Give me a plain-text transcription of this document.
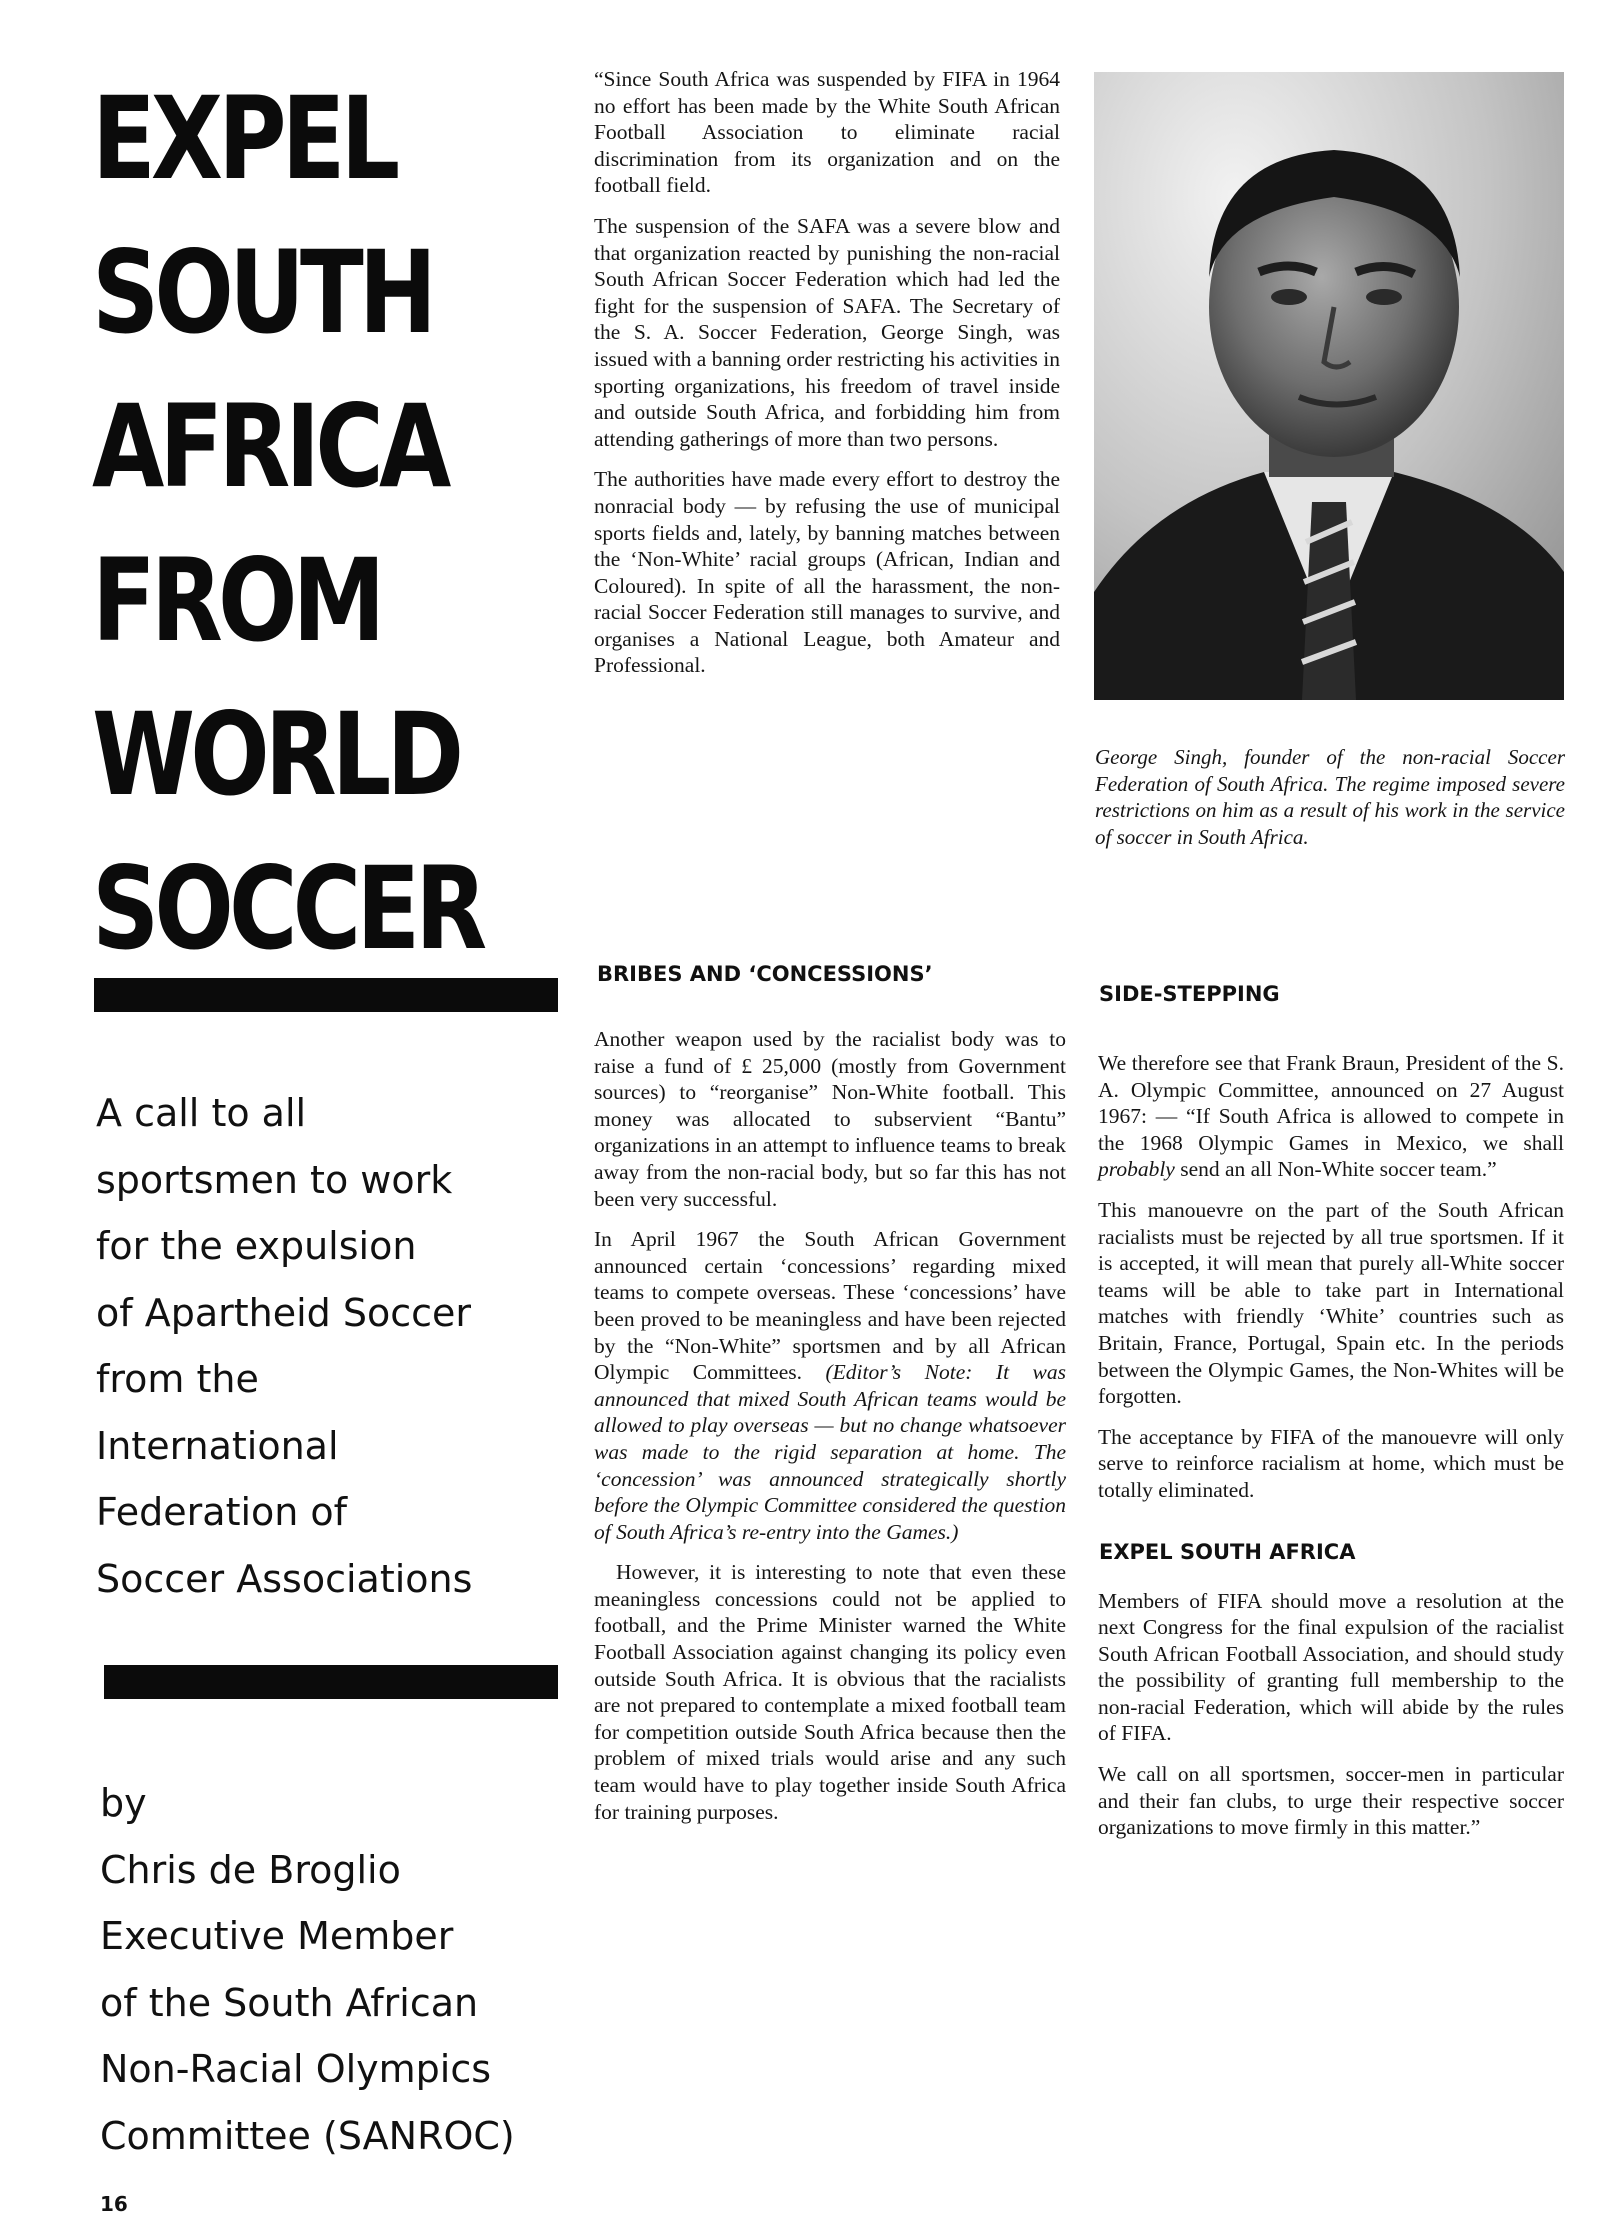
EXPEL
SOUTH
AFRICA
FROM
WORLD
SOCCER
A call to all
sportsmen to work
for the expulsion
of Apartheid Soccer
from the
International
Federation of
Soccer Associations
by
Chris de Broglio
Executive Member
of the South African
Non-Racial Olympics
Committee (SANROC)
16

“Since South Africa was suspended by FIFA in 1964 no effort has been made by the White South African Football Association to eliminate racial discrimination from its organization and on the football field.

The suspension of the SAFA was a severe blow and that organization reacted by punishing the non-racial South African Soccer Federation which had led the fight for the suspension of SAFA. The Secretary of the S. A. Soccer Federation, George Singh, was issued with a banning order restricting his activities in sporting organizations, his freedom of travel inside and outside South Africa, and forbidding him from attending gatherings of more than two persons.

The authorities have made every effort to destroy the nonracial body — by refusing the use of municipal sports fields and, lately, by banning matches between the ‘Non-White’ racial groups (African, Indian and Coloured). In spite of all the harassment, the non-racial Soccer Federation still manages to survive, and organises a National League, both Amateur and Professional.

George Singh, founder of the non-racial Soccer Federation of South Africa. The regime imposed severe restrictions on him as a result of his work in the service of soccer in South Africa.
BRIBES AND ‘CONCESSIONS’

Another weapon used by the racialist body was to raise a fund of £ 25,000 (mostly from Government sources) to “reorganise” Non-White football. This money was allocated to subservient “Bantu” organizations in an attempt to influence teams to break away from the non-racial body, but so far this has not been very successful.

In April 1967 the South African Government announced certain ‘concessions’ regarding mixed teams to compete overseas. These ‘concessions’ have been proved to be meaningless and have been rejected by the “Non-White” sportsmen and by all African Olympic Committees. (Editor’s Note: It was announced that mixed South African teams would be allowed to play overseas — but no change whatsoever was made to the rigid separation at home. The ‘concession’ was announced strategically shortly before the Olympic Committee considered the question of South Africa’s re-entry into the Games.)

However, it is interesting to note that even these meaningless concessions could not be applied to football, and the Prime Minister warned the White Football Association against changing its policy even outside South Africa. It is obvious that the racialists are not prepared to contemplate a mixed football team for competition outside South Africa because then the problem of mixed trials would arise and any such team would have to play together inside South Africa for training purposes.

SIDE-STEPPING

We therefore see that Frank Braun, President of the S. A. Olympic Committee, announced on 27 August 1967: — “If South Africa is allowed to compete in the 1968 Olympic Games in Mexico, we shall probably send an all Non-White soccer team.”

This manouevre on the part of the South African racialists must be rejected by all true sportsmen. If it is accepted, it will mean that purely all-White soccer teams will be able to take part in International matches with friendly ‘White’ countries such as Britain, France, Portugal, Spain etc. In the periods between the Olympic Games, the Non-Whites will be forgotten.

The acceptance by FIFA of the manouevre will only serve to reinforce racialism at home, which must be totally eliminated.

Members of FIFA should move a resolution at the next Congress for the final expulsion of the racialist South African Football Association, and should study the possibility of granting full membership to the non-racial Federation, which will abide by the rules of FIFA.

We call on all sportsmen, soccer-men in particular and their fan clubs, to urge their respective soccer organizations to move firmly in this matter.”

EXPEL SOUTH AFRICA
